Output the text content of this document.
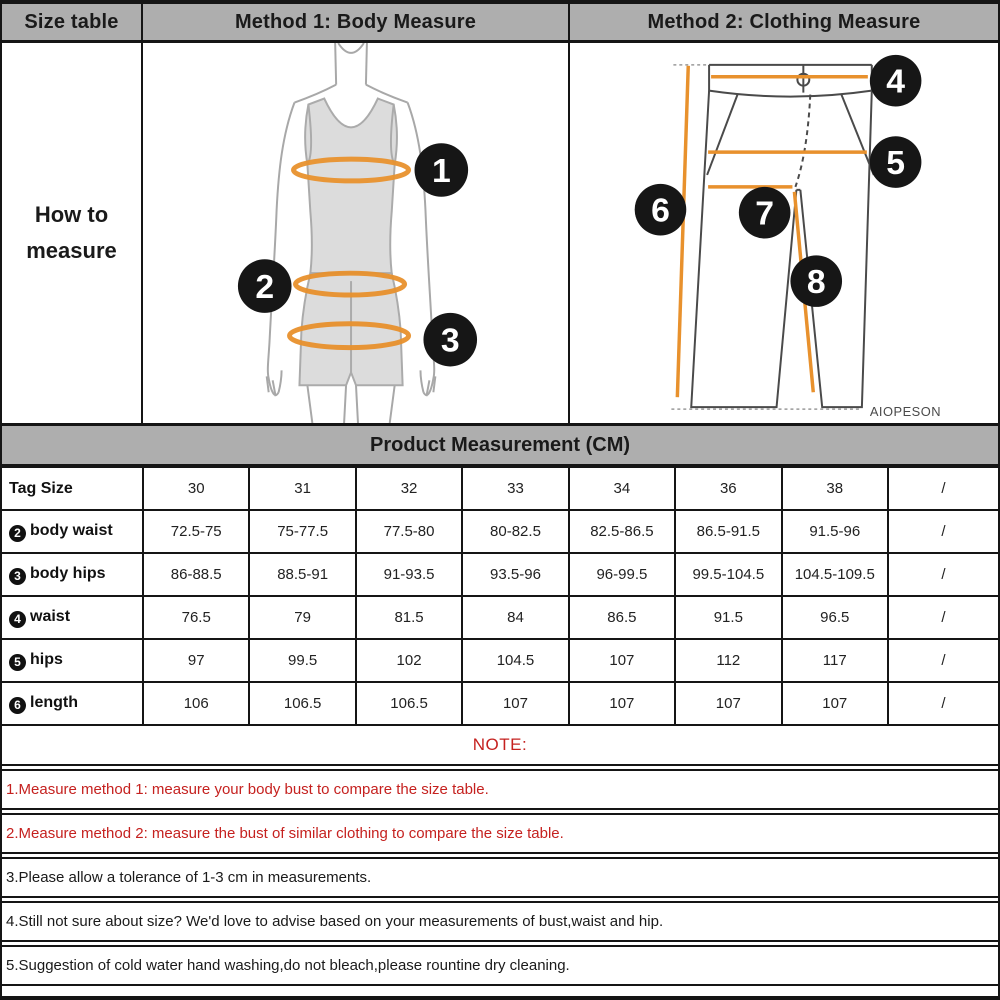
Size table	Method 1: Body Measure	Method 2: Clothing Measure
How to
measure
1
2
3
4
5
6	7
8
AIOPESON
Product Measurement (CM)
Tag Size	30	31	32	33	34	36	38	/
2 body waist	72.5-75	75-77.5	77.5-80	80-82.5	82.5-86.5	86.5-91.5	91.5-96	/
3 body hips	86-88.5	88.5-91	91-93.5	93.5-96	96-99.5	99.5-104.5	104.5-109.5	/
4 waist	76.5	79	81.5	84	86.5	91.5	96.5	/
5 hips	97	99.5	102	104.5	107	112	117	/
6 length	106	106.5	106.5	107	107	107	107	/
NOTE:
1.Measure method 1: measure your body bust to compare the size table.
2.Measure method 2: measure the bust of similar clothing to compare the size table.
3.Please allow a tolerance of 1-3 cm in measurements.
4.Still not sure about size? We'd love to advise based on your measurements of bust,waist and hip.
5.Suggestion of cold water hand washing,do not bleach,please rountine dry cleaning.
